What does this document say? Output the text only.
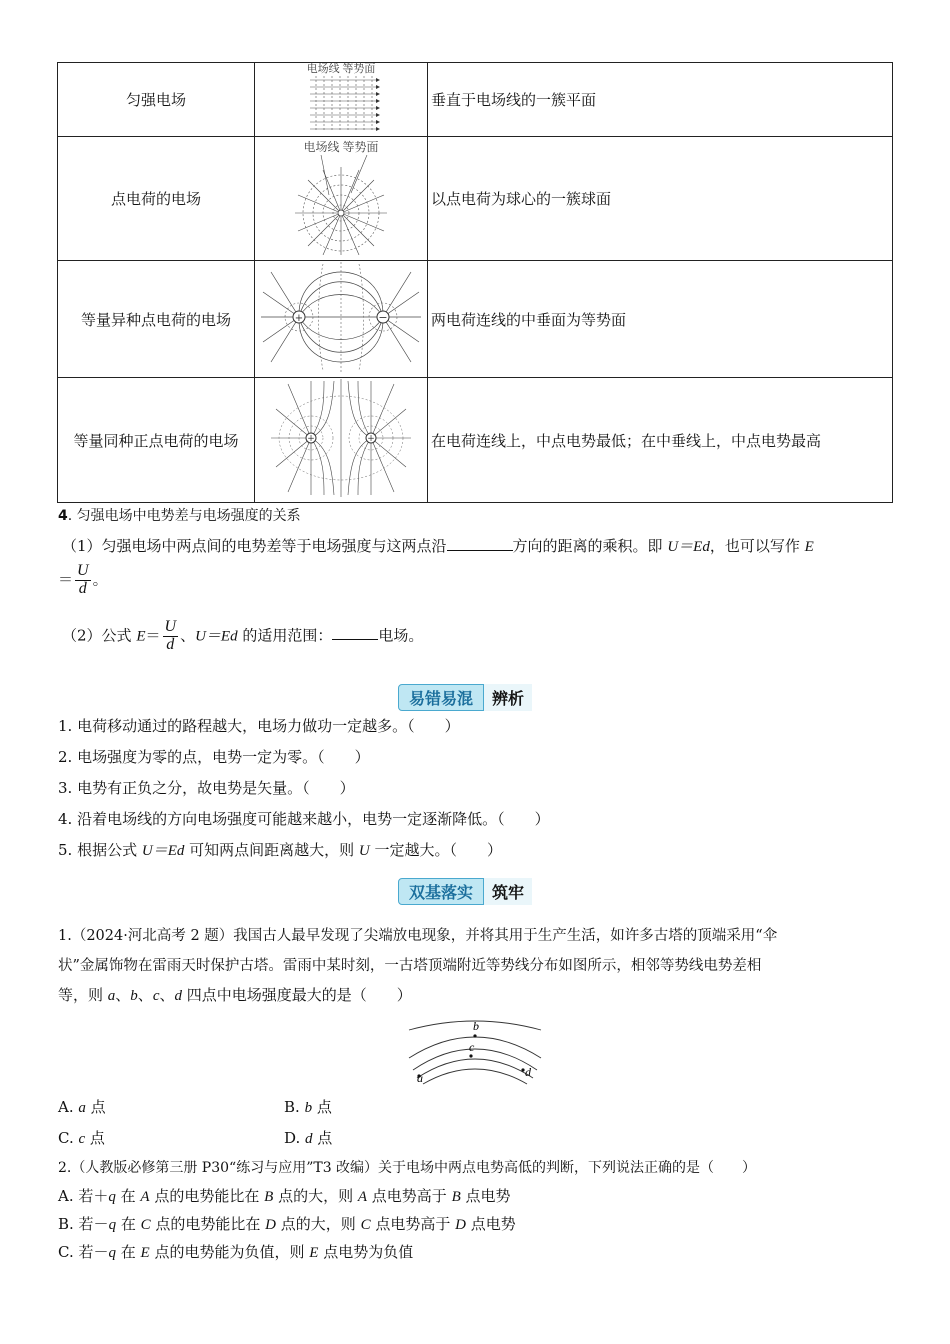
匀强电场	电场线 等势面	垂直于电场线的一簇平面
点电荷的电场	电场线 等势面	以点电荷为球心的一簇球面
等量异种点电荷的电场	+ −	两电荷连线的中垂面为等势面
等量同种正点电荷的电场	+ +	在电荷连线上，中点电势最低；在中垂线上，中点电势最高
4. 匀强电场中电势差与电场强度的关系
（1）匀强电场中两点间的电势差等于电场强度与这两点沿	方向的距离的乘积。即 U＝Ed，也可以写作 E
＝ $\frac{U}{d}$ 。
（2）公式 $E= \frac{U}{d}$ 、U＝Ed 的适用范围：	电场。
易错易混	辨析
1. 电荷移动通过的路程越大，电场力做功一定越多。（　　）
2. 电场强度为零的点，电势一定为零。（　　）
3. 电势有正负之分，故电势是矢量。（　　）
4. 沿着电场线的方向电场强度可能越来越小，电势一定逐渐降低。（　　）
5. 根据公式 U＝Ed 可知两点间距离越大，则 U 一定越大。（　　）
双基落实	筑牢
1.（2024·河北高考 2 题）我国古人最早发现了尖端放电现象，并将其用于生产生活，如许多古塔的顶端采用“伞
状”金属饰物在雷雨天时保护古塔。雷雨中某时刻，一古塔顶端附近等势线分布如图所示，相邻等势线电势差相
等，则 a、b、c、d 四点中电场强度最大的是（　　）
b
c
d
a
A. a 点	B. b 点
C. c 点	D. d 点
2.（人教版必修第三册 P30“练习与应用”T3 改编）关于电场中两点电势高低的判断，下列说法正确的是（　　）
A. 若＋q 在 A 点的电势能比在 B 点的大，则 A 点电势高于 B 点电势
B. 若－q 在 C 点的电势能比在 D 点的大，则 C 点电势高于 D 点电势
C. 若－q 在 E 点的电势能为负值，则 E 点电势为负值
